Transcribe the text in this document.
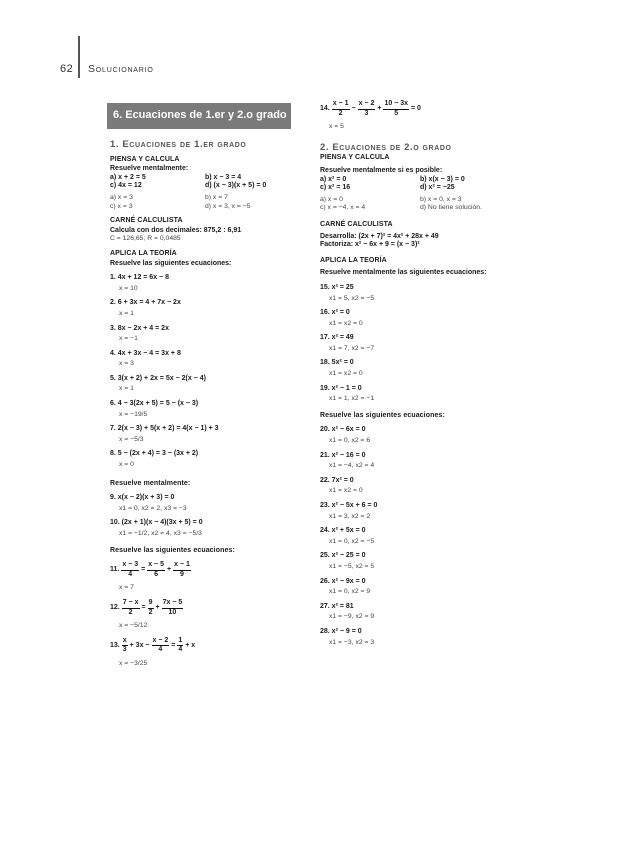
62 Solucionario
6. Ecuaciones de 1.er y 2.o grado
1. Ecuaciones de 1.er grado
PIENSA Y CALCULA
Resuelve mentalmente:
a) x + 2 = 5	b) x − 3 = 4
c) 4x = 12	d) (x − 3)(x + 5) = 0
a) x = 3	b) x = 7
c) x = 3	d) x = 3, x = −5
CARNÉ CALCULISTA
Calcula con dos decimales: 875,2 : 6,91
C = 126,65; R = 0,0485
APLICA LA TEORÍA
Resuelve las siguientes ecuaciones:
1. 4x + 12 = 6x − 8
x = 10
2. 6 + 3x = 4 + 7x − 2x
x = 1
3. 8x − 2x + 4 = 2x
x = −1
4. 4x + 3x − 4 = 3x + 8
x = 3
5. 3(x + 2) + 2x = 5x − 2(x − 4)
x = 1
6. 4 − 3(2x + 5) = 5 − (x − 3)
x = −19/5
7. 2(x − 3) + 5(x + 2) = 4(x − 1) + 3
x = −5/3
8. 5 − (2x + 4) = 3 − (3x + 2)
x = 0
Resuelve mentalmente:
9. x(x − 2)(x + 3) = 0
x1 = 0, x2 = 2, x3 = −3
10. (2x + 1)(x − 4)(3x + 5) = 0
x1 = −1/2, x2 = 4, x3 = −5/3
Resuelve las siguientes ecuaciones:
11. $\frac{x - 3}{4} = \frac{x - 5}{6} + \frac{x - 1}{9}$
x = 7
12. $\frac{7 - x}{2} = \frac{9}{2} + \frac{7x - 5}{10}$
x = −5/12
13. $\frac{x}{3} + 3x - \frac{x - 2}{4} = \frac{1}{4} + x$
x = −3/25
14. $\frac{x - 1}{2} - \frac{x - 2}{3} + \frac{10 - 3x}{5} = 0$
x = 5
2. Ecuaciones de 2.o grado
PIENSA Y CALCULA
Resuelve mentalmente si es posible:
a) x² = 0	b) x(x − 3) = 0
c) x² = 16	d) x² = −25
a) x = 0	b) x = 0, x = 3
c) x = −4, x = 4	d) No tiene solución.
CARNÉ CALCULISTA
Desarrolla: (2x + 7)² = 4x² + 28x + 49
Factoriza: x² − 6x + 9 = (x − 3)²
APLICA LA TEORÍA
Resuelve mentalmente las siguientes ecuaciones:
15. x² = 25
x1 = 5, x2 = −5
16. x² = 0
x1 = x2 = 0
17. x² = 49
x1 = 7, x2 = −7
18. 5x² = 0
x1 = x2 = 0
19. x² − 1 = 0
x1 = 1, x2 = −1
Resuelve las siguientes ecuaciones:
20. x² − 6x = 0
x1 = 0, x2 = 6
21. x² − 16 = 0
x1 = −4, x2 = 4
22. 7x² = 0
x1 = x2 = 0
23. x² − 5x + 6 = 0
x1 = 3, x2 = 2
24. x² + 5x = 0
x1 = 0, x2 = −5
25. x² − 25 = 0
x1 = −5, x2 = 5
26. x² − 9x = 0
x1 = 0, x2 = 9
27. x² = 81
x1 = −9, x2 = 9
28. x² − 9 = 0
x1 = −3, x2 = 3
